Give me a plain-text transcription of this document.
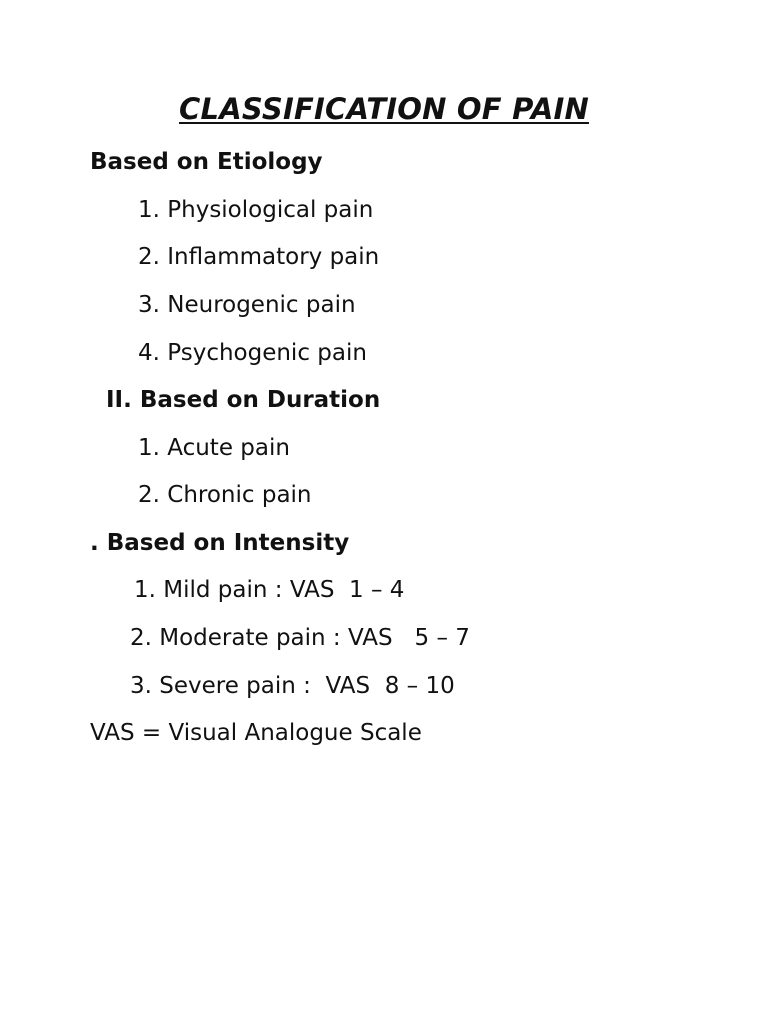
CLASSIFICATION OF PAIN
Based on Etiology
1. Physiological pain
2. Inflammatory pain
3. Neurogenic pain
4. Psychogenic pain
II. Based on Duration
1. Acute pain
2. Chronic pain
. Based on Intensity
1. Mild pain : VAS  1 – 4
2. Moderate pain : VAS   5 – 7
3. Severe pain :  VAS  8 – 10
VAS = Visual Analogue Scale
